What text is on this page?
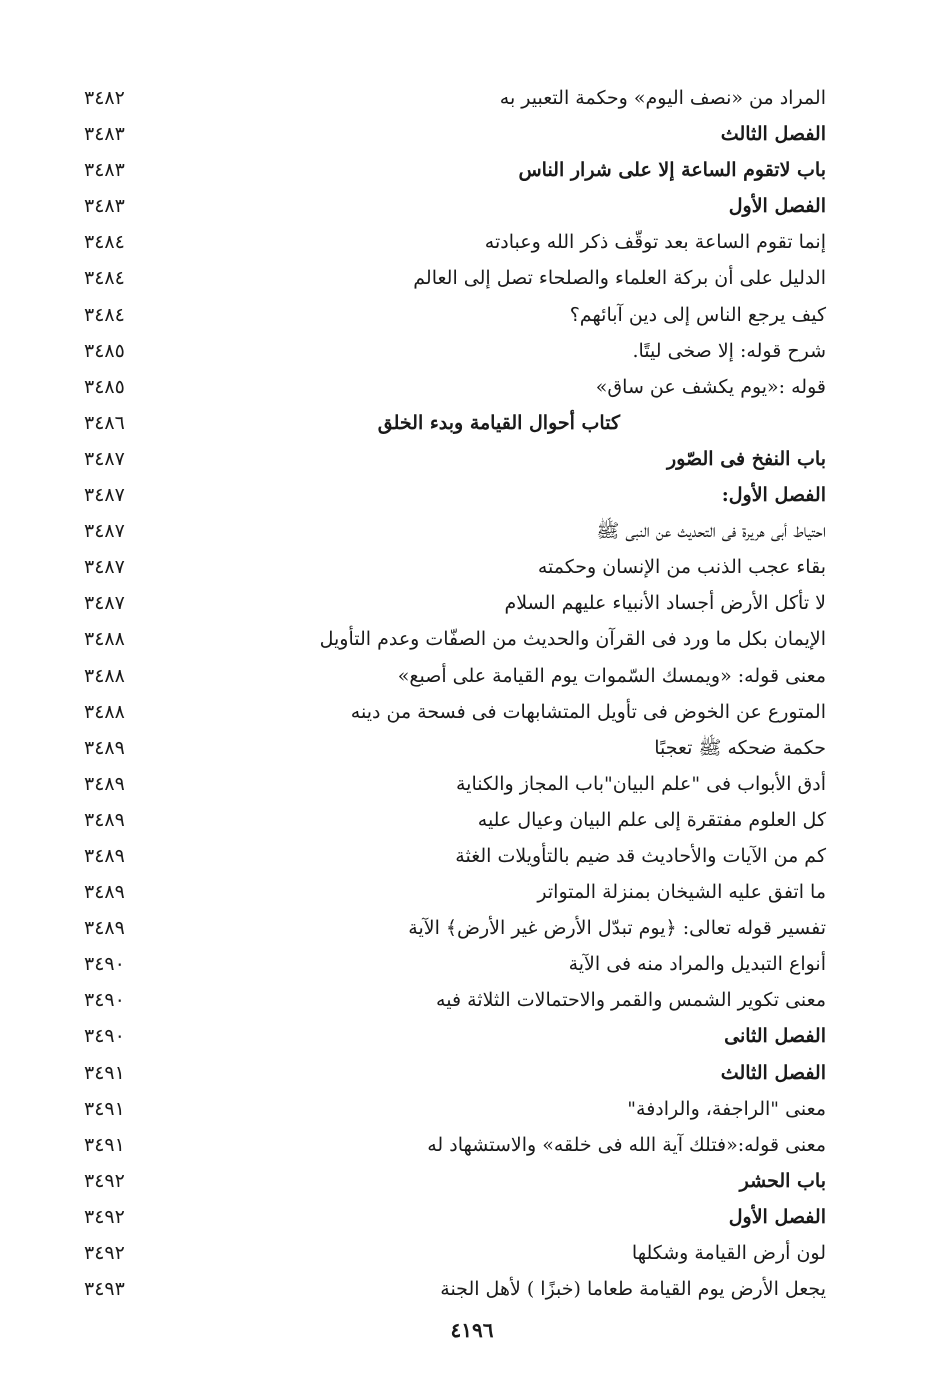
المراد من «نصف اليوم» وحكمة التعبير به
٣٤٨٢
الفصل الثالث
٣٤٨٣
باب لاتقوم الساعة إلا على شرار الناس
٣٤٨٣
الفصل الأول
٣٤٨٣
إنما تقوم الساعة بعد توقّف ذكر الله وعبادته
٣٤٨٤
الدليل على أن بركة العلماء والصلحاء تصل إلى العالم
٣٤٨٤
كيف يرجع الناس إلى دين آبائهم؟
٣٤٨٤
شرح قوله: إلا صخى ليتًا.
٣٤٨٥
قوله :«يوم يكشف عن ساق»
٣٤٨٥
كتاب أحوال القيامة وبدء الخلق
٣٤٨٦
باب النفخ فى الصّور
٣٤٨٧
الفصل الأول:
٣٤٨٧
احتياط أبى هريرة فى التحديث عن النبى ﷺ
٣٤٨٧
بقاء عجب الذنب من الإنسان وحكمته
٣٤٨٧
لا تأكل الأرض أجساد الأنبياء عليهم السلام
٣٤٨٧
الإيمان بكل ما ورد فى القرآن والحديث من الصفّات وعدم التأويل
٣٤٨٨
معنى قوله: «ويمسك السّموات يوم القيامة على أصبع»
٣٤٨٨
المتورع عن الخوض فى تأويل المتشابهات فى فسحة من دينه
٣٤٨٨
حكمة ضحكه ﷺ تعجبًا
٣٤٨٩
أدق الأبواب فى "علم البيان"باب المجاز والكناية
٣٤٨٩
كل العلوم مفتقرة إلى علم البيان وعيال عليه
٣٤٨٩
كم من الآيات والأحاديث قد ضيم بالتأويلات الغثة
٣٤٨٩
ما اتفق عليه الشيخان بمنزلة المتواتر
٣٤٨٩
تفسير قوله تعالى: ﴿يوم تبدّل الأرض غير الأرض﴾ الآية
٣٤٨٩
أنواع التبديل والمراد منه فى الآية
٣٤٩٠
معنى تكوير الشمس والقمر والاحتمالات الثلاثة فيه
٣٤٩٠
الفصل الثانى
٣٤٩٠
الفصل الثالث
٣٤٩١
معنى "الراجفة، والرادفة"
٣٤٩١
معنى قوله:«فتلك آية الله فى خلقه» والاستشهاد له
٣٤٩١
باب الحشر
٣٤٩٢
الفصل الأول
٣٤٩٢
لون أرض القيامة وشكلها
٣٤٩٢
يجعل الأرض يوم القيامة طعاما (خبزًا ) لأهل الجنة
٣٤٩٣
٤١٩٦
